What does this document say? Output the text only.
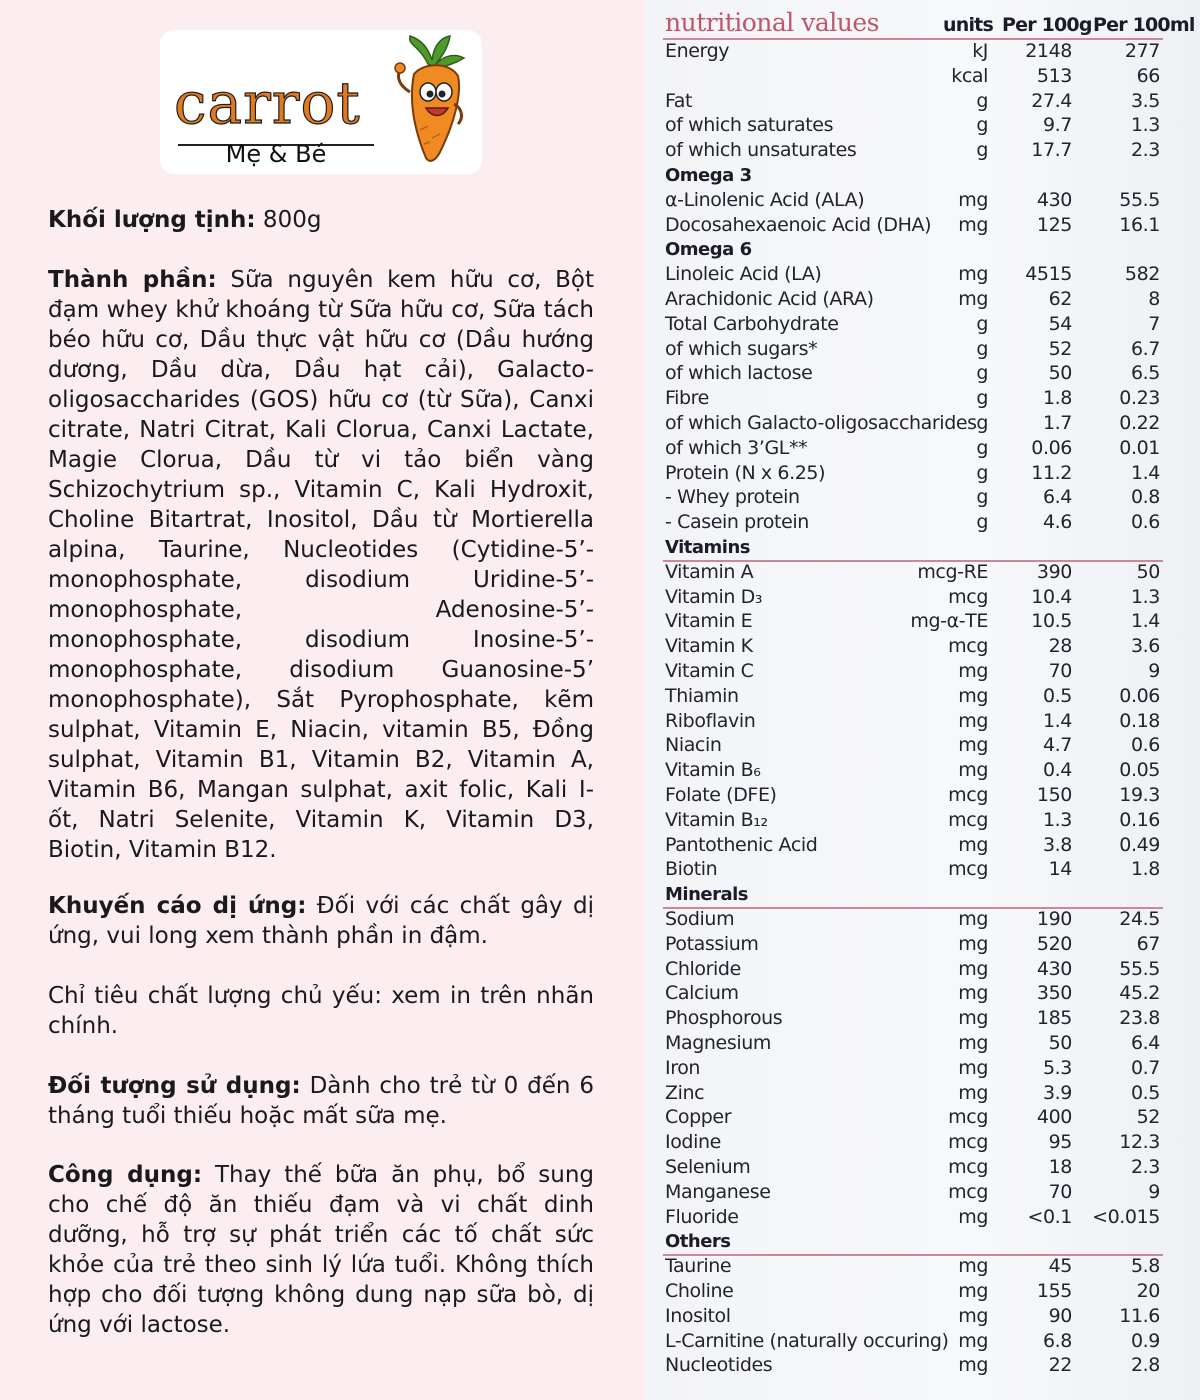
carrot
Mẹ & Bé
Khối lượng tịnh: 800g
Thành phần: Sữa nguyên kem hữu cơ, Bột đạm whey khử khoáng từ Sữa hữu cơ, Sữa tách béo hữu cơ, Dầu thực vật hữu cơ (Dầu hướng dương, Dầu dừa, Dầu hạt cải), Galacto-oligosaccharides (GOS) hữu cơ (từ Sữa), Canxi citrate, Natri Citrat, Kali Clorua, Canxi Lactate, Magie Clorua, Dầu từ vi tảo biển vàng Schizochytrium sp., Vitamin C, Kali Hydroxit, Choline Bitartrat, Inositol, Dầu từ Mortierella alpina, Taurine, Nucleotides (Cytidine-5’-monophosphate, disodium Uridine-5’-monophosphate, Adenosine-5’-monophosphate, disodium Inosine-5’-monophosphate, disodium Guanosine-5’ monophosphate), Sắt Pyrophosphate, kẽm sulphat, Vitamin E, Niacin, vitamin B5, Đồng sulphat, Vitamin B1, Vitamin B2, Vitamin A, Vitamin B6, Mangan sulphat, axit folic, Kali I-ốt, Natri Selenite, Vitamin K, Vitamin D3, Biotin, Vitamin B12.
Khuyến cáo dị ứng: Đối với các chất gây dị ứng, vui long xem thành phần in đậm.
Chỉ tiêu chất lượng chủ yếu: xem in trên nhãn chính.
Đối tượng sử dụng: Dành cho trẻ từ 0 đến 6 tháng tuổi thiếu hoặc mất sữa mẹ.
Công dụng: Thay thế bữa ăn phụ, bổ sung cho chế độ ăn thiếu đạm và vi chất dinh dưỡng, hỗ trợ sự phát triển các tố chất sức khỏe của trẻ theo sinh lý lứa tuổi. Không thích hợp cho đối tượng không dung nạp sữa bò, dị ứng với lactose.
nutritional values	units Per 100g Per 100ml
Energy	kJ 2148	277
kcal	513	66
Fat	g 27.4	3.5
of which saturates	g	9.7	1.3
of which unsaturates	g 17.7	2.3
Omega 3
α-Linolenic Acid (ALA)	mg	430 55.5
Docosahexaenoic Acid (DHA) mg	125 16.1
Omega 6
Linoleic Acid (LA)	mg 4515	582
Arachidonic Acid (ARA)	mg	62	8
Total Carbohydrate	g	54	7
of which sugars*	g	52	6.7
of which lactose	g	50	6.5
Fibre	g	1.8 0.23
of which Galacto-oligosaccharides g	1.7 0.22
of which 3’GL**	g 0.06 0.01
Protein (N x 6.25)	g 11.2	1.4
- Whey protein	g	6.4	0.8
- Casein protein	g	4.6	0.6
Vitamins
Vitamin A	mcg-RE	390	50
Vitamin D₃	mcg 10.4	1.3
Vitamin E	mg-α-TE 10.5	1.4
Vitamin K	mcg	28	3.6
Vitamin C	mg	70	9
Thiamin	mg	0.5 0.06
Riboflavin	mg	1.4 0.18
Niacin	mg	4.7	0.6
Vitamin B₆	mg	0.4 0.05
Folate (DFE)	mcg	150 19.3
Vitamin B₁₂	mcg	1.3 0.16
Pantothenic Acid	mg	3.8 0.49
Biotin	mcg	14	1.8
Minerals
Sodium	mg	190 24.5
Potassium	mg	520	67
Chloride	mg	430 55.5
Calcium	mg	350 45.2
Phosphorous	mg	185 23.8
Magnesium	mg	50	6.4
Iron	mg	5.3	0.7
Zinc	mg	3.9	0.5
Copper	mcg	400	52
Iodine	mcg	95 12.3
Selenium	mcg	18	2.3
Manganese	mcg	70	9
Fluoride	mg <0.1 <0.015
Others
Taurine	mg	45	5.8
Choline	mg	155	20
Inositol	mg	90 11.6
L-Carnitine (naturally occuring) mg	6.8	0.9
Nucleotides	mg	22	2.8
